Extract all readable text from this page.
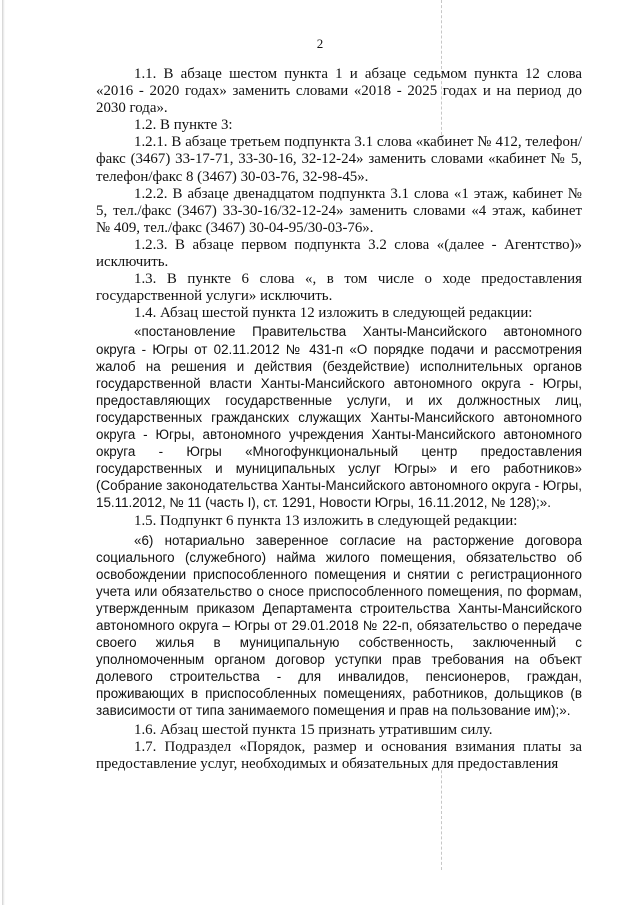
2

1.1. В абзаце шестом пункта 1 и абзаце седьмом пункта 12 слова «2016 - 2020 годах» заменить словами «2018 - 2025 годах и на период до 2030 года».

1.2. В пункте 3:

1.2.1. В абзаце третьем подпункта 3.1 слова «кабинет № 412, телефон/факс (3467) 33-17-71, 33-30-16, 32-12-24» заменить словами «кабинет № 5, телефон/факс 8 (3467) 30-03-76, 32-98-45».

1.2.2. В абзаце двенадцатом подпункта 3.1 слова «1 этаж, кабинет № 5, тел./факс (3467) 33-30-16/32-12-24» заменить словами «4 этаж, кабинет № 409, тел./факс (3467) 30-04-95/30-03-76».

1.2.3. В абзаце первом подпункта 3.2 слова «(далее - Агентство)» исключить.

1.3. В пункте 6 слова «, в том числе о ходе предоставления государственной услуги» исключить.

1.4. Абзац шестой пункта 12 изложить в следующей редакции:

«постановление Правительства Ханты-Мансийского автономного округа - Югры от 02.11.2012 № 431-п «О порядке подачи и рассмотрения жалоб на решения и действия (бездействие) исполнительных органов государственной власти Ханты-Мансийского автономного округа - Югры, предоставляющих государственные услуги, и их должностных лиц, государственных гражданских служащих Ханты-Мансийского автономного округа - Югры, автономного учреждения Ханты-Мансийского автономного округа - Югры «Многофункциональный центр предоставления государственных и муниципальных услуг Югры» и его работников» (Собрание законодательства Ханты-Мансийского автономного округа - Югры, 15.11.2012, № 11 (часть I), ст. 1291, Новости Югры, 16.11.2012, № 128);».

1.5. Подпункт 6 пункта 13 изложить в следующей редакции:

«6) нотариально заверенное согласие на расторжение договора социального (служебного) найма жилого помещения, обязательство об освобождении приспособленного помещения и снятии с регистрационного учета или обязательство о сносе приспособленного помещения, по формам, утвержденным приказом Департамента строительства Ханты-Мансийского автономного округа – Югры от 29.01.2018 № 22-п, обязательство о передаче своего жилья в муниципальную собственность, заключенный с уполномоченным органом договор уступки прав требования на объект долевого строительства - для инвалидов, пенсионеров, граждан, проживающих в приспособленных помещениях, работников, дольщиков (в зависимости от типа занимаемого помещения и прав на пользование им);».

1.6. Абзац шестой пункта 15 признать утратившим силу.

1.7. Подраздел «Порядок, размер и основания взимания платы за предоставление услуг, необходимых и обязательных для предоставления
